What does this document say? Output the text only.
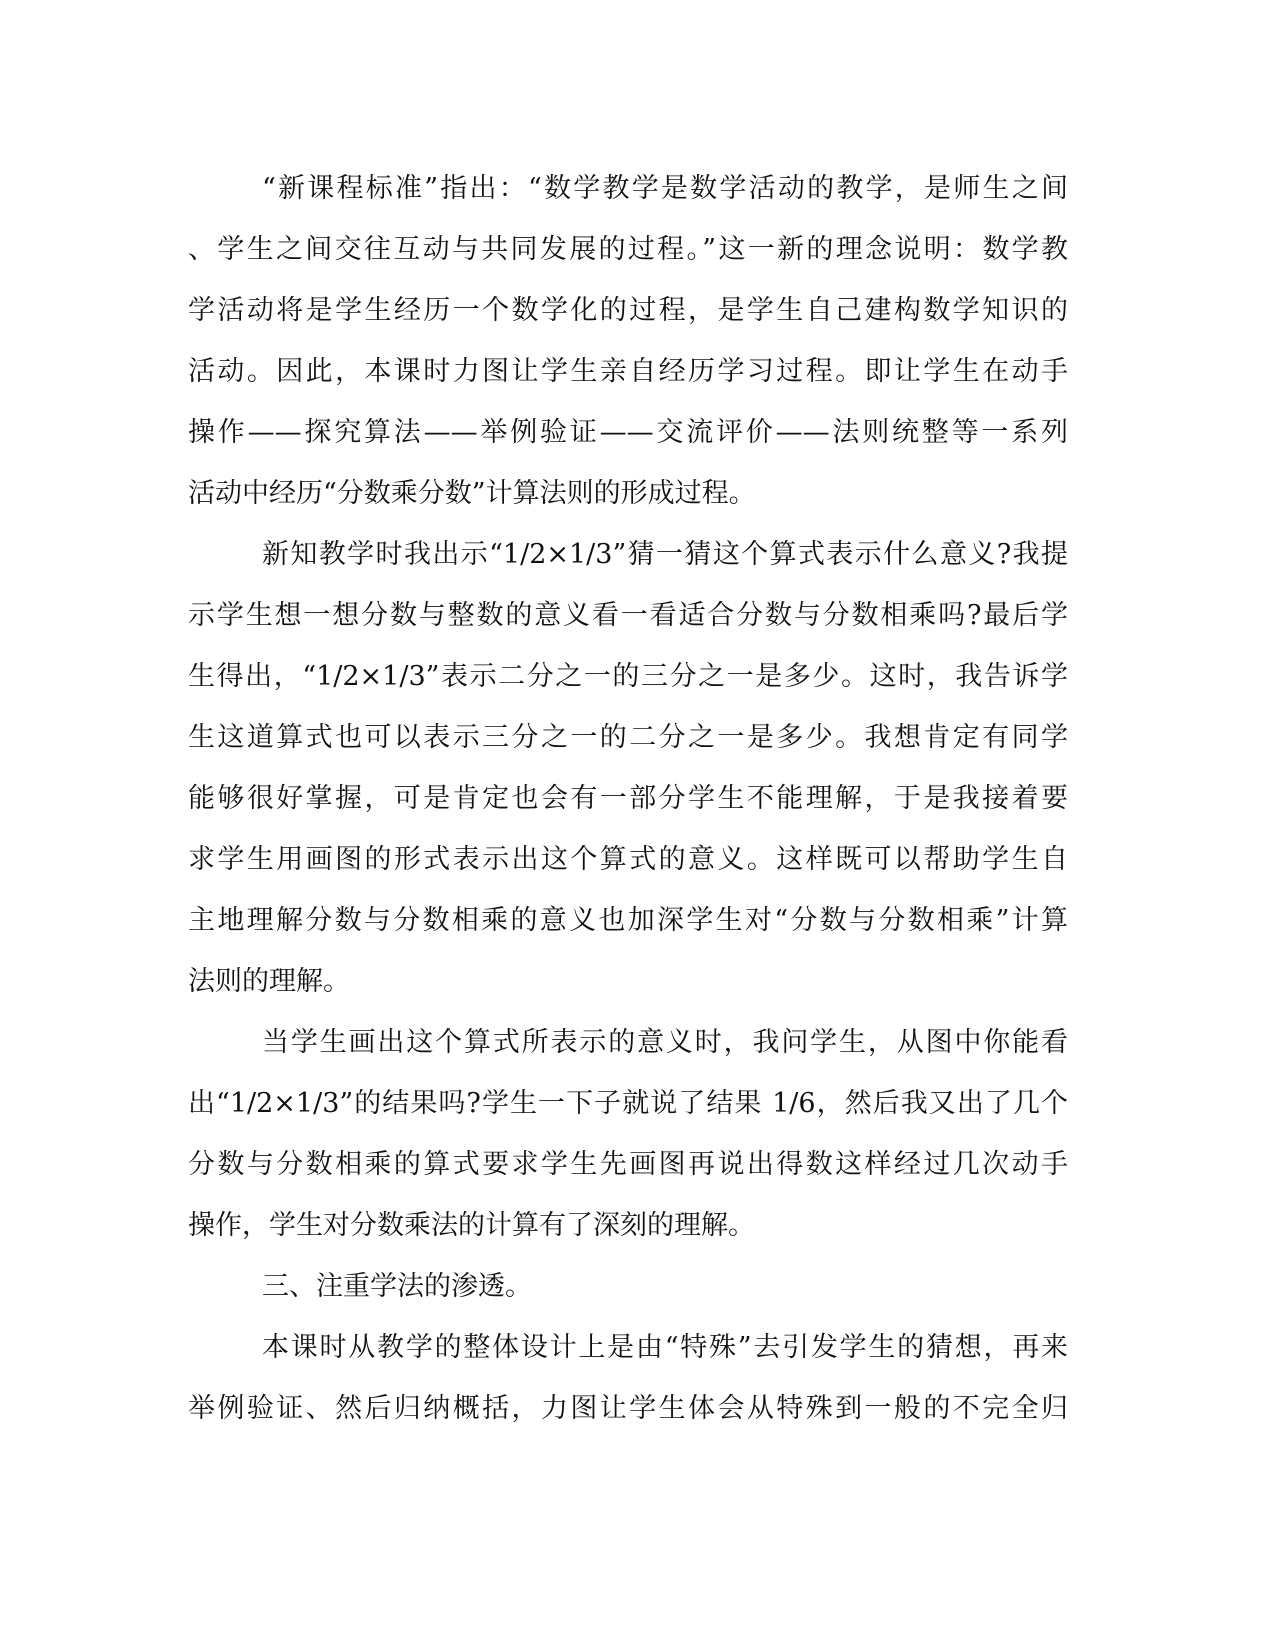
“新课程标准”指出：“数学教学是数学活动的教学，是师生之间
、学生之间交往互动与共同发展的过程。”这一新的理念说明：数学教
学活动将是学生经历一个数学化的过程，是学生自己建构数学知识的
活动。因此，本课时力图让学生亲自经历学习过程。即让学生在动手
操作——探究算法——举例验证——交流评价——法则统整等一系列
活动中经历“分数乘分数”计算法则的形成过程。
新知教学时我出示“1/2×1/3”猜一猜这个算式表示什么意义?我提
示学生想一想分数与整数的意义看一看适合分数与分数相乘吗?最后学
生得出，“1/2×1/3”表示二分之一的三分之一是多少。这时，我告诉学
生这道算式也可以表示三分之一的二分之一是多少。我想肯定有同学
能够很好掌握，可是肯定也会有一部分学生不能理解，于是我接着要
求学生用画图的形式表示出这个算式的意义。这样既可以帮助学生自
主地理解分数与分数相乘的意义也加深学生对“分数与分数相乘”计算
法则的理解。
当学生画出这个算式所表示的意义时，我问学生，从图中你能看
出“1/2×1/3”的结果吗?学生一下子就说了结果 1/6，然后我又出了几个
分数与分数相乘的算式要求学生先画图再说出得数这样经过几次动手
操作，学生对分数乘法的计算有了深刻的理解。
三、注重学法的渗透。
本课时从教学的整体设计上是由“特殊”去引发学生的猜想，再来
举例验证、然后归纳概括，力图让学生体会从特殊到一般的不完全归
